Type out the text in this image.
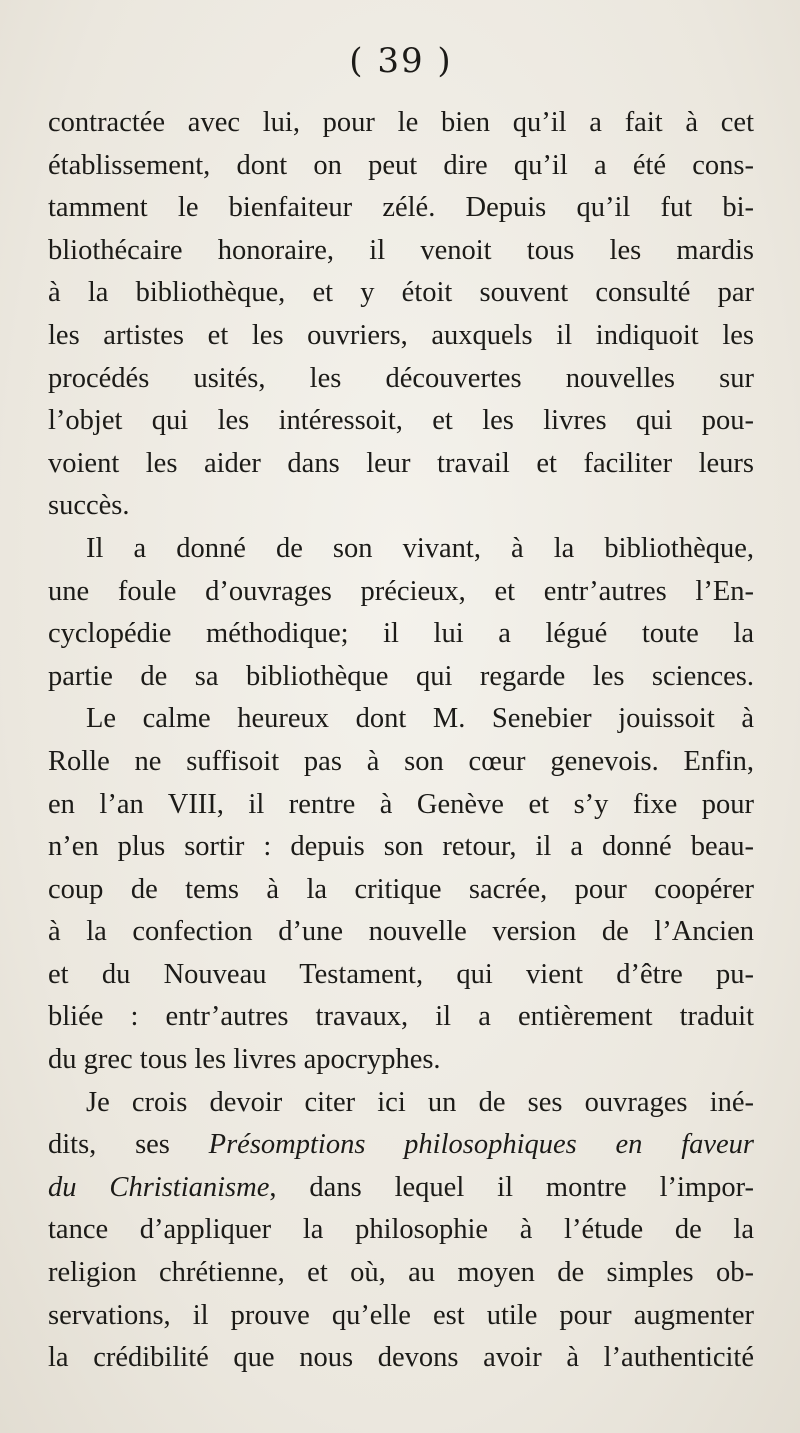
( 39 )
contractée avec lui, pour le bien qu’il a fait à cet
établissement, dont on peut dire qu’il a été cons-
tamment le bienfaiteur zélé. Depuis qu’il fut bi-
bliothécaire honoraire, il venoit tous les mardis
à la bibliothèque, et y étoit souvent consulté par
les artistes et les ouvriers, auxquels il indiquoit les
procédés usités, les découvertes nouvelles sur
l’objet qui les intéressoit, et les livres qui pou-
voient les aider dans leur travail et faciliter leurs
succès.
Il a donné de son vivant, à la bibliothèque,
une foule d’ouvrages précieux, et entr’autres l’En-
cyclopédie méthodique; il lui a légué toute la
partie de sa bibliothèque qui regarde les sciences.
Le calme heureux dont M. Senebier jouissoit à
Rolle ne suffisoit pas à son cœur genevois. Enfin,
en l’an VIII, il rentre à Genève et s’y fixe pour
n’en plus sortir : depuis son retour, il a donné beau-
coup de tems à la critique sacrée, pour coopérer
à la confection d’une nouvelle version de l’Ancien
et du Nouveau Testament, qui vient d’être pu-
bliée : entr’autres travaux, il a entièrement traduit
du grec tous les livres apocryphes.
Je crois devoir citer ici un de ses ouvrages iné-
dits, ses Présomptions philosophiques en faveur
du Christianisme, dans lequel il montre l’impor-
tance d’appliquer la philosophie à l’étude de la
religion chrétienne, et où, au moyen de simples ob-
servations, il prouve qu’elle est utile pour augmenter
la crédibilité que nous devons avoir à l’authenticité
